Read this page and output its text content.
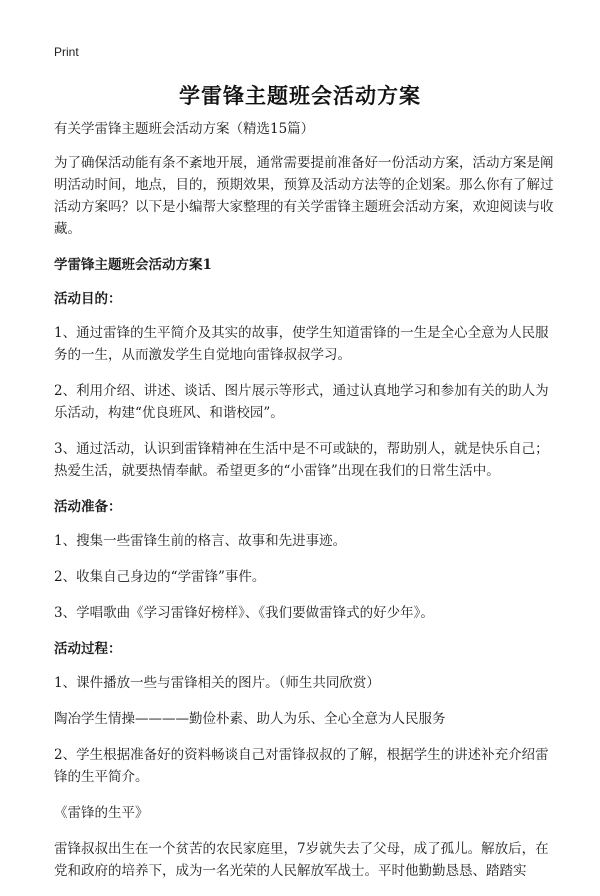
Print
学雷锋主题班会活动方案

有关学雷锋主题班会活动方案（精选15篇）

为了确保活动能有条不紊地开展，通常需要提前准备好一份活动方案，活动方案是阐明活动时间，地点，目的，预期效果，预算及活动方法等的企划案。那么你有了解过活动方案吗？以下是小编帮大家整理的有关学雷锋主题班会活动方案，欢迎阅读与收藏。

学雷锋主题班会活动方案1

活动目的：

1、通过雷锋的生平简介及其实的故事，使学生知道雷锋的一生是全心全意为人民服务的一生，从而激发学生自觉地向雷锋叔叔学习。

2、利用介绍、讲述、谈话、图片展示等形式，通过认真地学习和参加有关的助人为乐活动，构建“优良班风、和谐校园”。

3、通过活动，认识到雷锋精神在生活中是不可或缺的，帮助别人，就是快乐自己；热爱生活，就要热情奉献。希望更多的“小雷锋”出现在我们的日常生活中。

活动准备：

1、搜集一些雷锋生前的格言、故事和先进事迹。

2、收集自己身边的“学雷锋”事件。

3、学唱歌曲《学习雷锋好榜样》、《我们要做雷锋式的好少年》。

活动过程：

1、课件播放一些与雷锋相关的图片。（师生共同欣赏）

陶冶学生情操————勤俭朴素、助人为乐、全心全意为人民服务

2、学生根据准备好的资料畅谈自己对雷锋叔叔的了解，根据学生的讲述补充介绍雷锋的生平简介。

《雷锋的生平》

雷锋叔叔出生在一个贫苦的农民家庭里，7岁就失去了父母，成了孤儿。解放后，在党和政府的培养下，成为一名光荣的人民解放军战士。平时他勤勤恳恳、踏踏实
